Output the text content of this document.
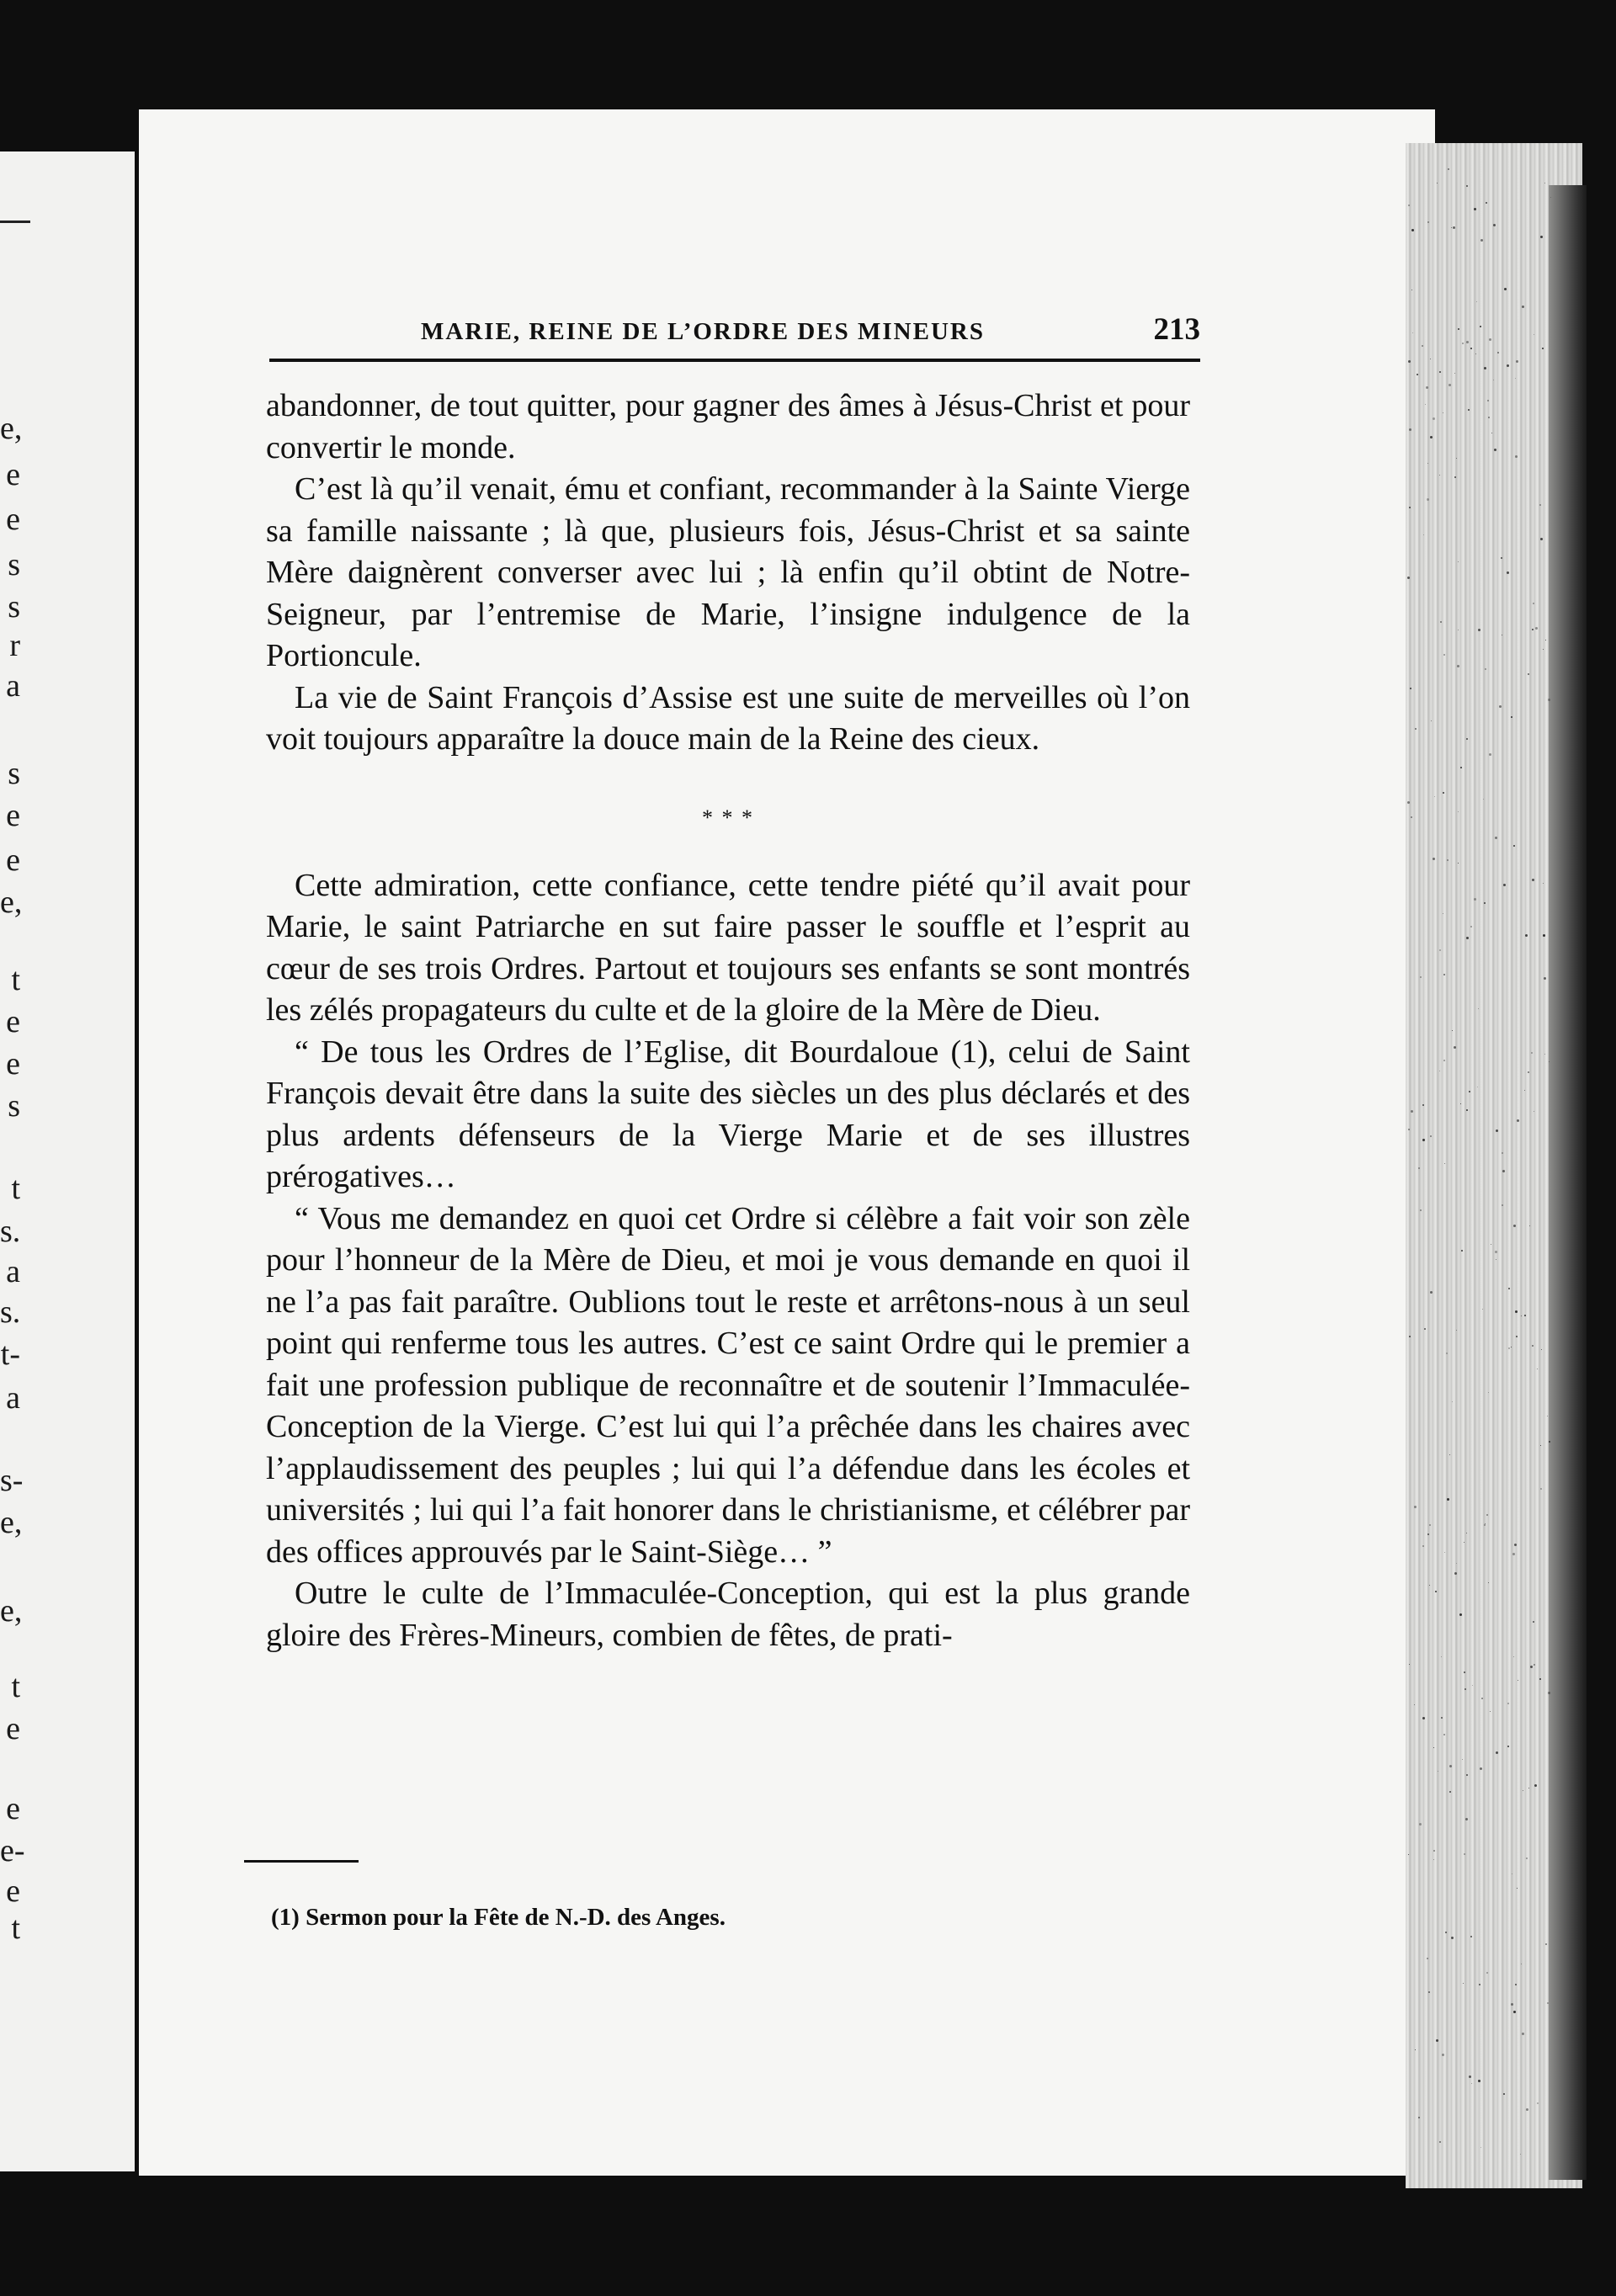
e,
e
e
s
s
r
a
s
e
e
e,
t
e
e
s
t
s.
a
s.
t-
a
s-
e,
e,
t
e
e
e-
e
t
MARIE, REINE DE L’ORDRE DES MINEURS	213

abandonner, de tout quitter, pour gagner des âmes à Jésus-Christ et pour convertir le monde.

C’est là qu’il venait, ému et confiant, recommander à la Sainte Vierge sa famille naissante ; là que, plusieurs fois, Jésus-Christ et sa sainte Mère daignèrent converser avec lui ; là enfin qu’il obtint de Notre-Seigneur, par l’entremise de Marie, l’insigne indulgence de la Portioncule.

La vie de Saint François d’Assise est une suite de merveilles où l’on voit toujours apparaître la douce main de la Reine des cieux.

* * *

Cette admiration, cette confiance, cette tendre piété qu’il avait pour Marie, le saint Patriarche en sut faire passer le souffle et l’esprit au cœur de ses trois Ordres. Partout et toujours ses enfants se sont montrés les zélés propagateurs du culte et de la gloire de la Mère de Dieu.

“ De tous les Ordres de l’Eglise, dit Bourdaloue (1), celui de Saint François devait être dans la suite des siècles un des plus déclarés et des plus ardents défenseurs de la Vierge Marie et de ses illustres prérogatives…

“ Vous me demandez en quoi cet Ordre si célèbre a fait voir son zèle pour l’honneur de la Mère de Dieu, et moi je vous demande en quoi il ne l’a pas fait paraître. Oublions tout le reste et arrêtons-nous à un seul point qui renferme tous les autres. C’est ce saint Ordre qui le premier a fait une profession publique de reconnaître et de soutenir l’Immaculée-Conception de la Vierge. C’est lui qui l’a prêchée dans les chaires avec l’applaudissement des peuples ; lui qui l’a défendue dans les écoles et universités ; lui qui l’a fait honorer dans le christianisme, et célébrer par des offices approuvés par le Saint-Siège… ”

Outre le culte de l’Immaculée-Conception, qui est la plus grande gloire des Frères-Mineurs, combien de fêtes, de prati-

(1) Sermon pour la Fête de N.-D. des Anges.
